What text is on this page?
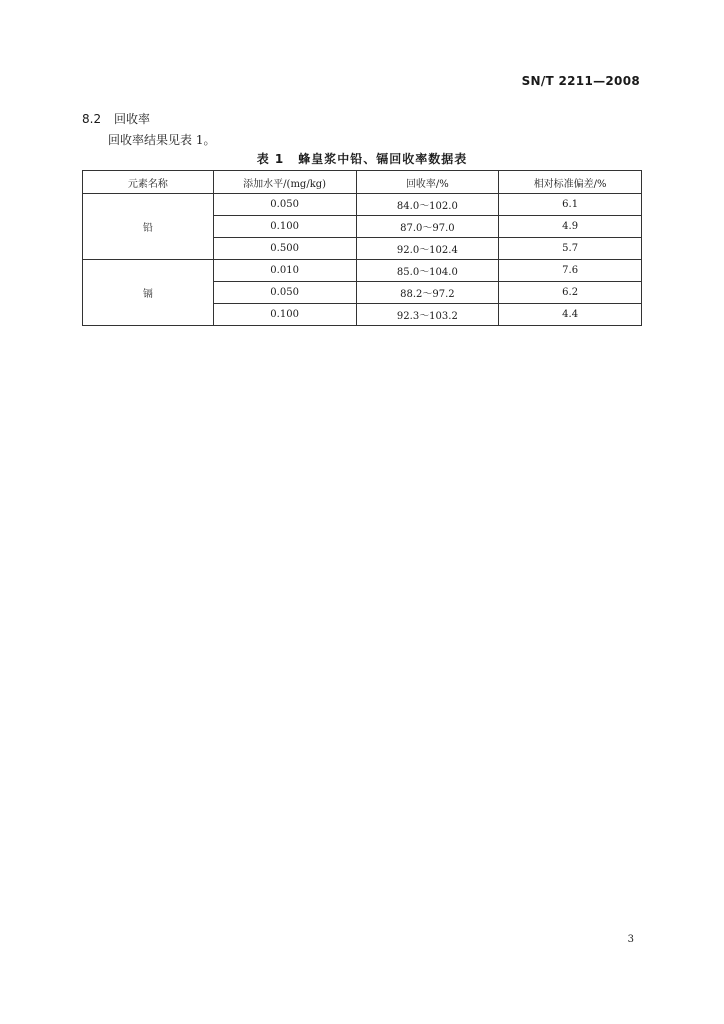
SN/T 2211—2008
8.2 回收率
回收率结果见表 1。
表 1 蜂皇浆中铅、镉回收率数据表
元素名称	添加水平/(mg/kg)	回收率/%	相对标准偏差/%
铅	0.050	84.0～102.0	6.1
	0.100	87.0～97.0	4.9
	0.500	92.0～102.4	5.7
镉	0.010	85.0～104.0	7.6
	0.050	88.2～97.2	6.2
	0.100	92.3～103.2	4.4
3
